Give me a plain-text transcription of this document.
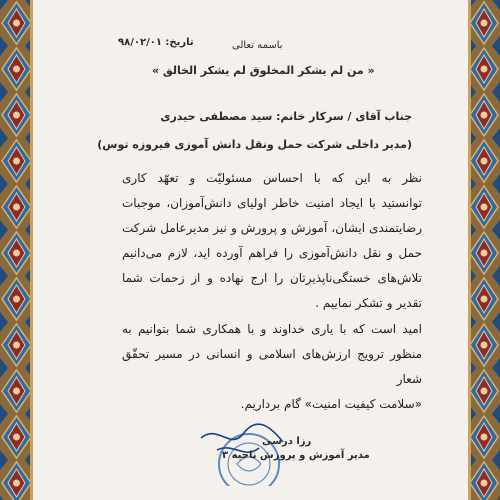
تاریخ: ۹۸/۰۲/۰۱	باسمه تعالی
« من لم یشکر المخلوق لم یشکر الخالق »
جناب آقای / سرکار خانم: سید مصطفی حیدری
(مدیر داخلی شرکت حمل ونقل دانش آموزی فیروزه توس)
نظر به این که با احساس مسئولیّت و تعهّد کاری
توانستید با ایجاد امنیت خاطر اولیای دانش‌آموزان، موجبات
رضایتمندی ایشان، آموزش و پرورش و نیز مدیرعامل شرکت
حمل و نقل دانش‌آموزی را فراهم آورده اید، لازم می‌دانیم
تلاش‌های خستگی‌ناپذیرتان را ارج نهاده و از زحمات شما
تقدیر و تشکر نماییم .
امید است که با یاری خداوند و با همکاری شما بتوانیم به
منظور ترویج ارزش‌های اسلامی و انسانی در مسیر تحقّق شعار
«سلامت کیفیت امنیت» گام برداریم.
رزا درسی
مدیر آموزش و پرورش ناحیه ۳
